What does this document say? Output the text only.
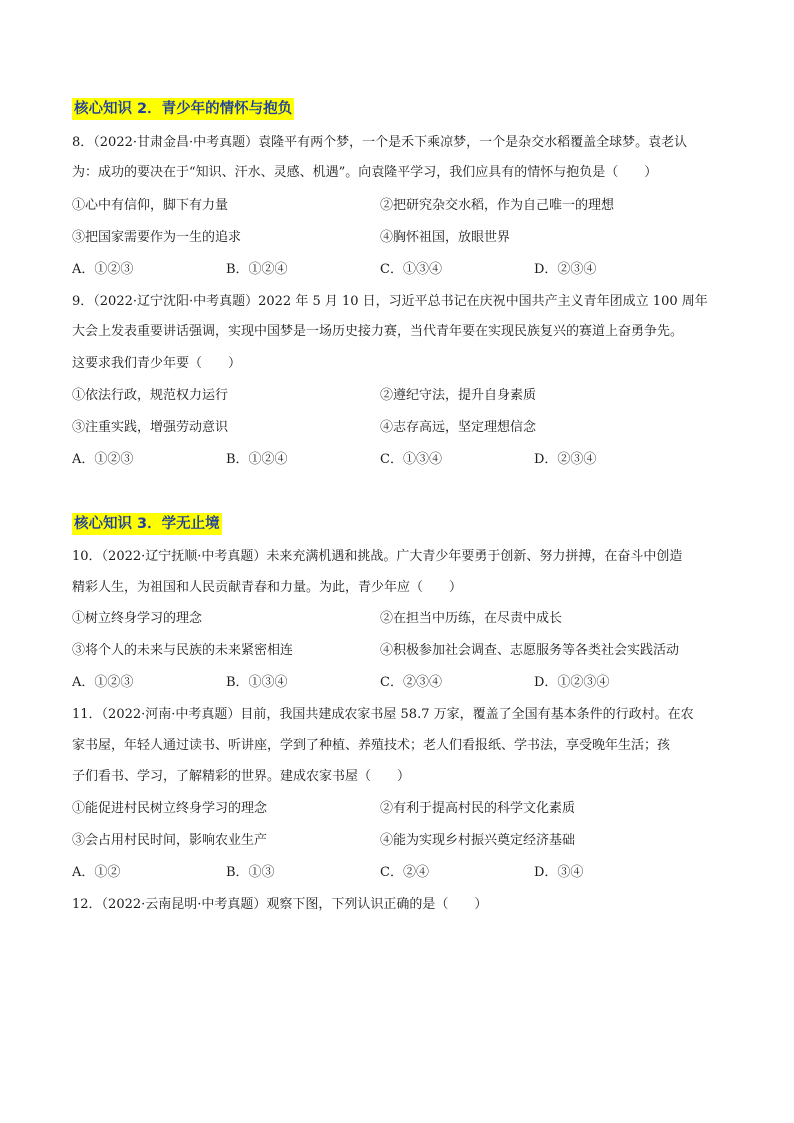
核心知识 2．青少年的情怀与抱负
8．（2022·甘肃金昌·中考真题）袁隆平有两个梦，一个是禾下乘凉梦，一个是杂交水稻覆盖全球梦。袁老认
为：成功的要决在于“知识、汗水、灵感、机遇”。向袁隆平学习，我们应具有的情怀与抱负是（　　）
①心中有信仰，脚下有力量	②把研究杂交水稻，作为自己唯一的理想
③把国家需要作为一生的追求	④胸怀祖国，放眼世界
A．①②③	B．①②④	C．①③④	D．②③④
9．（2022·辽宁沈阳·中考真题）2022 年 5 月 10 日，习近平总书记在庆祝中国共产主义青年团成立 100 周年
大会上发表重要讲话强调，实现中国梦是一场历史接力赛，当代青年要在实现民族复兴的赛道上奋勇争先。
这要求我们青少年要（　　）
①依法行政，规范权力运行	②遵纪守法，提升自身素质
③注重实践，增强劳动意识	④志存高远，坚定理想信念
A．①②③	B．①②④	C．①③④	D．②③④
核心知识 3．学无止境
10．（2022·辽宁抚顺·中考真题）未来充满机遇和挑战。广大青少年要勇于创新、努力拼搏，在奋斗中创造
精彩人生，为祖国和人民贡献青春和力量。为此，青少年应（　　）
①树立终身学习的理念	②在担当中历练，在尽责中成长
③将个人的未来与民族的未来紧密相连	④积极参加社会调查、志愿服务等各类社会实践活动
A．①②③	B．①③④	C．②③④	D．①②③④
11．（2022·河南·中考真题）目前，我国共建成农家书屋 58.7 万家，覆盖了全国有基本条件的行政村。在农
家书屋，年轻人通过读书、听讲座，学到了种植、养殖技术；老人们看报纸、学书法，享受晚年生活；孩
子们看书、学习，了解精彩的世界。建成农家书屋（　　）
①能促进村民树立终身学习的理念	②有利于提高村民的科学文化素质
③会占用村民时间，影响农业生产	④能为实现乡村振兴奠定经济基础
A．①②	B．①③	C．②④	D．③④
12．（2022·云南昆明·中考真题）观察下图，下列认识正确的是（　　）
